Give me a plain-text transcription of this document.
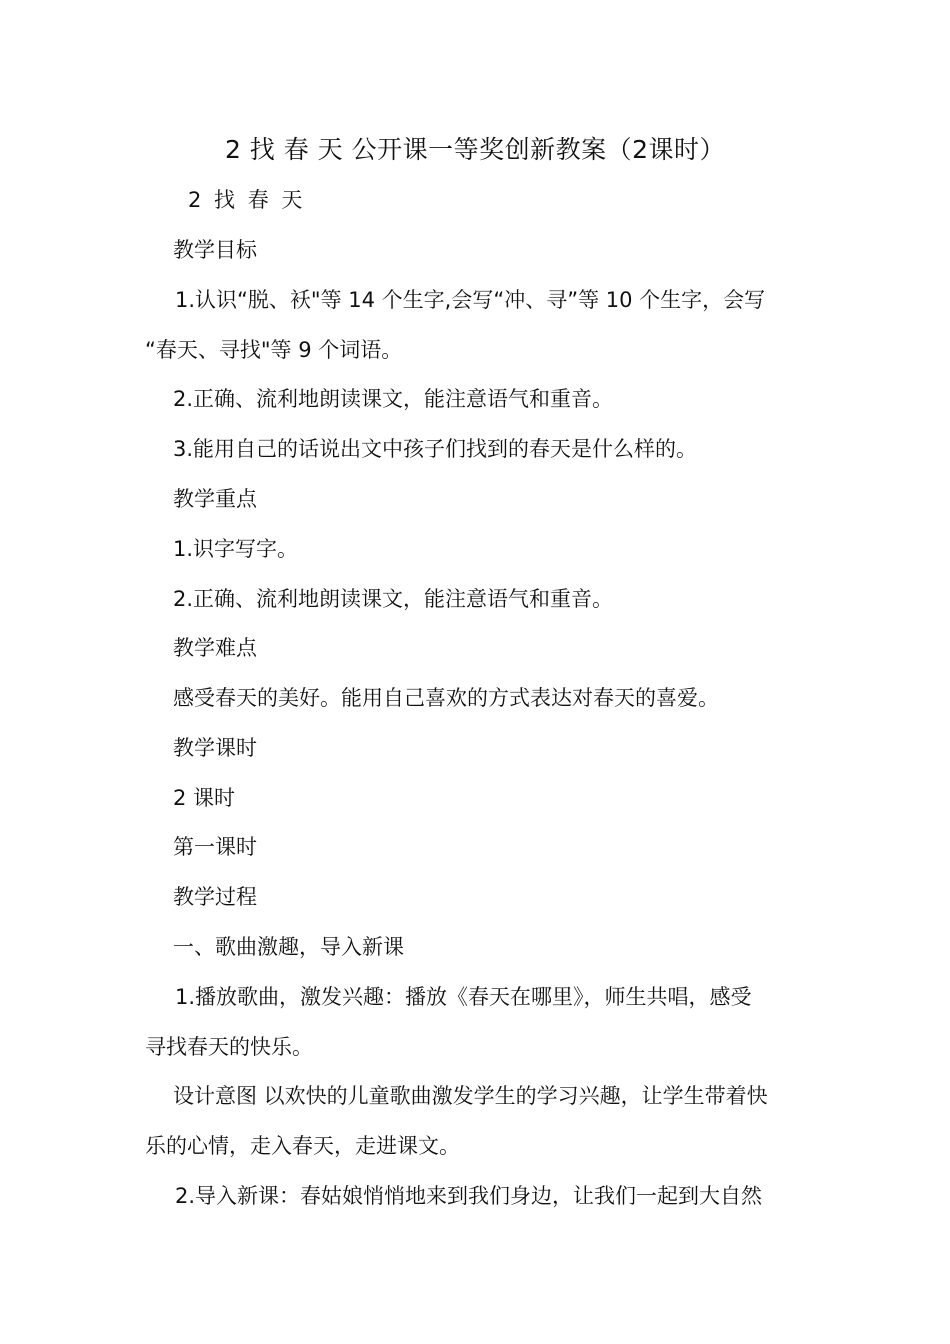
2 找 春 天 公开课一等奖创新教案（2课时）
2 找 春 天
教学目标
1.认识“脱、袄"等 14 个生字,会写“冲、寻”等 10 个生字，会写
“春天、寻找"等 9 个词语。
2.正确、流利地朗读课文，能注意语气和重音。
3.能用自己的话说出文中孩子们找到的春天是什么样的。
教学重点
1.识字写字。
2.正确、流利地朗读课文，能注意语气和重音。
教学难点
感受春天的美好。能用自己喜欢的方式表达对春天的喜爱。
教学课时
2 课时
第一课时
教学过程
一、歌曲激趣，导入新课
1.播放歌曲，激发兴趣：播放《春天在哪里》，师生共唱，感受
寻找春天的快乐。
设计意图 以欢快的儿童歌曲激发学生的学习兴趣，让学生带着快
乐的心情，走入春天，走进课文。
2.导入新课：春姑娘悄悄地来到我们身边，让我们一起到大自然
